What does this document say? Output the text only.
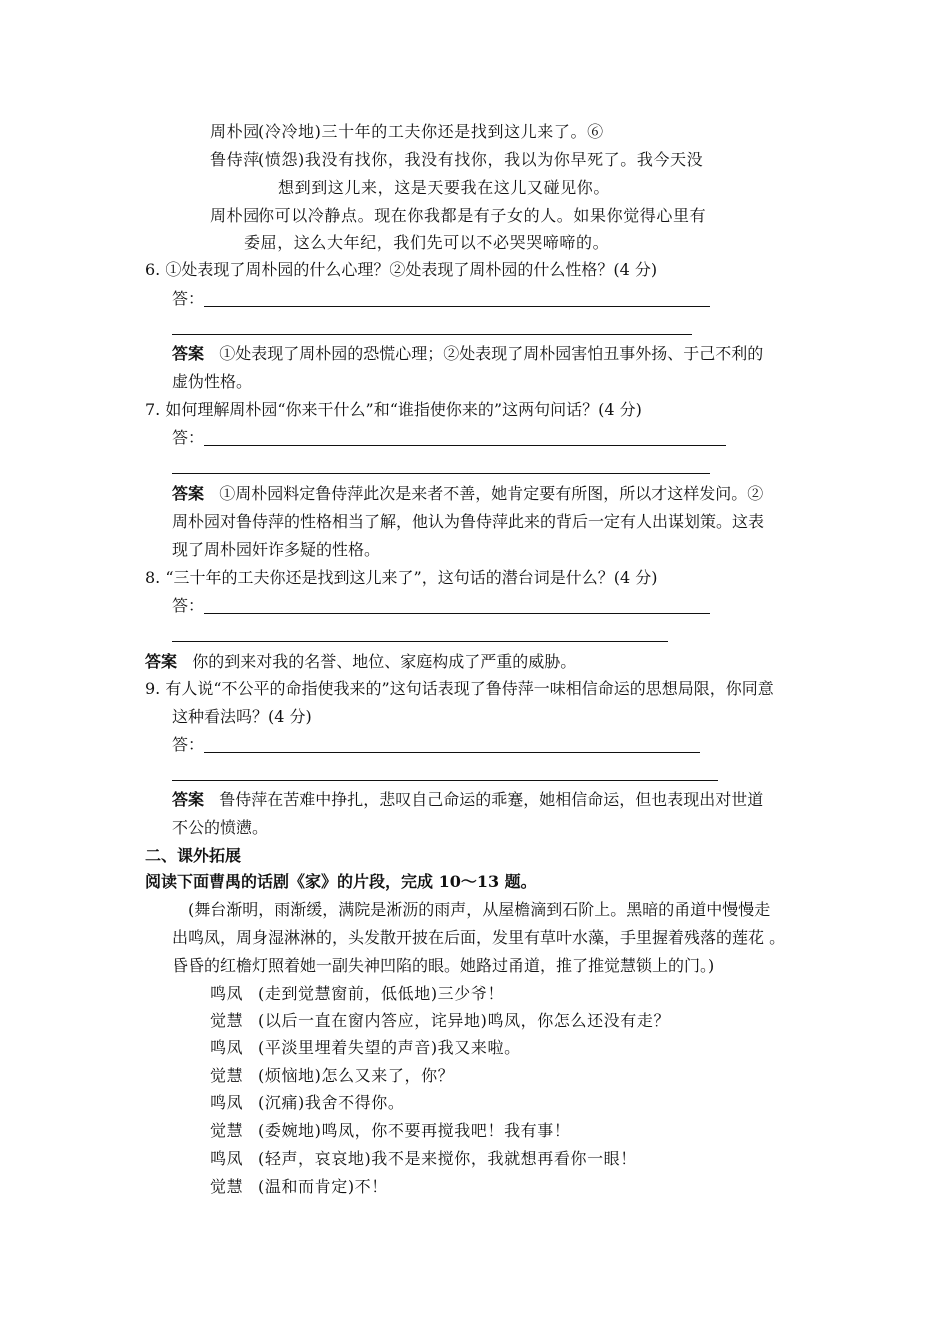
周朴园(冷冷地)三十年的工夫你还是找到这儿来了。⑥
鲁侍萍(愤怨)我没有找你，我没有找你，我以为你早死了。我今天没
想到到这儿来，这是天要我在这儿又碰见你。
周朴园你可以冷静点。现在你我都是有子女的人。如果你觉得心里有
委屈，这么大年纪，我们先可以不必哭哭啼啼的。
6. ①处表现了周朴园的什么心理？②处表现了周朴园的什么性格？(4 分)
答：
答案 ①处表现了周朴园的恐慌心理；②处表现了周朴园害怕丑事外扬、于己不利的
虚伪性格。
7. 如何理解周朴园“你来干什么”和“谁指使你来的”这两句问话？(4 分)
答：
答案 ①周朴园料定鲁侍萍此次是来者不善，她肯定要有所图，所以才这样发问。②
周朴园对鲁侍萍的性格相当了解，他认为鲁侍萍此来的背后一定有人出谋划策。这表
现了周朴园奸诈多疑的性格。
8. “三十年的工夫你还是找到这儿来了”，这句话的潜台词是什么？(4 分)
答：
答案 你的到来对我的名誉、地位、家庭构成了严重的威胁。
9. 有人说“不公平的命指使我来的”这句话表现了鲁侍萍一味相信命运的思想局限，你同意
这种看法吗？(4 分)
答：
答案 鲁侍萍在苦难中挣扎，悲叹自己命运的乖蹇，她相信命运，但也表现出对世道
不公的愤懑。
二、课外拓展
阅读下面曹禺的话剧《家》的片段，完成 10～13 题。
(舞台渐明，雨渐缓，满院是淅沥的雨声，从屋檐滴到石阶上。黑暗的甬道中慢慢走
出鸣凤，周身湿淋淋的，头发散开披在后面，发里有草叶水藻，手里握着残落的莲花 。
昏昏的红檐灯照着她一副失神凹陷的眼。她路过甬道，推了推觉慧锁上的门。)
鸣凤 (走到觉慧窗前，低低地)三少爷！
觉慧 (以后一直在窗内答应，诧异地)鸣凤，你怎么还没有走？
鸣凤 (平淡里埋着失望的声音)我又来啦。
觉慧 (烦恼地)怎么又来了，你？
鸣凤 (沉痛)我舍不得你。
觉慧 (委婉地)鸣凤，你不要再搅我吧！我有事！
鸣凤 (轻声，哀哀地)我不是来搅你，我就想再看你一眼！
觉慧 (温和而肯定)不！
